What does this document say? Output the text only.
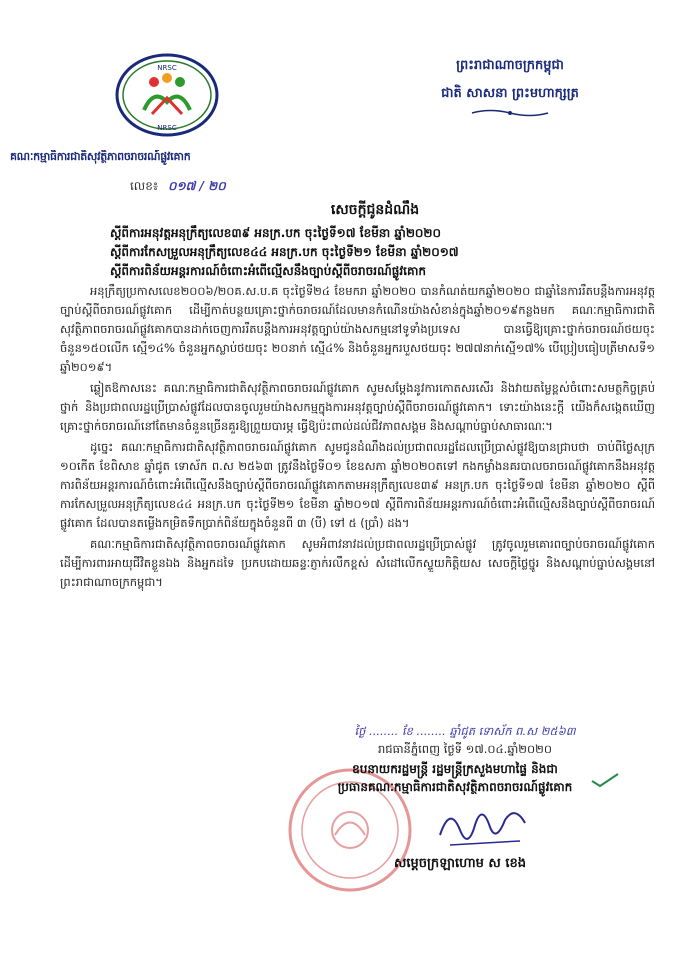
NRSC
NRSC
គណៈកម្មាធិការជាតិសុវត្ថិភាពចរាចរណ៍ផ្លូវគោក
ព្រះរាជាណាចក្រកម្ពុជា
ជាតិ សាសនា ព្រះមហាក្សត្រ
លេខ៖ ០១៧ / ២០
សេចក្ដីជូនដំណឹង
ស្ដីពីការអនុវត្តអនុក្រឹត្យលេខ៣៩ អនក្រ.បក ចុះថ្ងៃទី១៧ ខែមីនា ឆ្នាំ២០២០
ស្ដីពីការកែសម្រួលអនុក្រឹត្យលេខ៤៤ អនក្រ.បក ចុះថ្ងៃទី២១ ខែមីនា ឆ្នាំ២០១៧
ស្ដីពីការពិន័យអន្តរការណ៍ចំពោះអំពើល្មើសនឹងច្បាប់ស្ដីពីចរាចរណ៍ផ្លូវគោក

អនុក្រឹត្យប្រកាសលេខ២០០៦/២០គ.ស.ប.គ ចុះថ្ងៃទី២៤ ខែមករា ឆ្នាំ២០២០ បានកំណត់យកឆ្នាំ២០២០ ជាឆ្នាំនៃការរឹតបន្តឹងការអនុវត្តច្បាប់ស្ដីពីចរាចរណ៍ផ្លូវគោក ដើម្បីកាត់បន្ថយគ្រោះថ្នាក់ចរាចរណ៍ដែលមានកំណើនយ៉ាងសំខាន់ក្នុងឆ្នាំ២០១៩កន្លងមក គណៈកម្មាធិការជាតិសុវត្ថិភាពចរាចរណ៍ផ្លូវគោកបានដាក់ចេញការរឹតបន្តឹងការអនុវត្តច្បាប់យ៉ាងសកម្មនៅទូទាំងប្រទេស បានធ្វើឱ្យគ្រោះថ្នាក់ចរាចរណ៍ថយចុះចំនួន១៥០លើក ស្មើ១៤% ចំនួនអ្នកស្លាប់ថយចុះ ២០នាក់ ស្មើ៤% និងចំនួនអ្នករបួសថយចុះ ២៧៧នាក់ស្មើ១៧% បើប្រៀបធៀបត្រីមាសទី១ ឆ្នាំ២០១៩។

ឆ្លៀតឱកាសនេះ គណៈកម្មាធិការជាតិសុវត្ថិភាពចរាចរណ៍ផ្លូវគោក សូមសម្ដែងនូវការកោតសរសើរ និងវាយតម្លៃខ្ពស់ចំពោះសមត្ថកិច្ចគ្រប់ថ្នាក់ និងប្រជាពលរដ្ឋប្រើប្រាស់ផ្លូវដែលបានចូលរួមយ៉ាងសកម្មក្នុងការអនុវត្តច្បាប់ស្ដីពីចរាចរណ៍ផ្លូវគោក។ ទោះយ៉ាងនេះក្ដី យើងក៏សង្កេតឃើញគ្រោះថ្នាក់ចរាចរណ៍នៅតែមានចំនួនច្រើនគួរឱ្យព្រួយបារម្ភ ធ្វើឱ្យប៉ះពាល់ដល់ជីវភាពសង្គម និងសណ្ដាប់ធ្នាប់សាធារណៈ។

ដូច្នេះ គណៈកម្មាធិការជាតិសុវត្ថិភាពចរាចរណ៍ផ្លូវគោក សូមជូនដំណឹងដល់ប្រជាពលរដ្ឋដែលប្រើប្រាស់ផ្លូវឱ្យបានជ្រាបថា ចាប់ពីថ្ងៃសុក្រ ១០កើត ខែពិសាខ ឆ្នាំជូត ទោស័ក ព.ស ២៥៦៣ ត្រូវនឹងថ្ងៃទី០១ ខែឧសភា ឆ្នាំ២០២០តទៅ កងកម្លាំងនគរបាលចរាចរណ៍ផ្លូវគោកនឹងអនុវត្តការពិន័យអន្តរការណ៍ចំពោះអំពើល្មើសនឹងច្បាប់ស្ដីពីចរាចរណ៍ផ្លូវគោកតាមអនុក្រឹត្យលេខ៣៩ អនក្រ.បក ចុះថ្ងៃទី១៧ ខែមីនា ឆ្នាំ២០២០ ស្ដីពីការកែសម្រួលអនុក្រឹត្យលេខ៤៤ អនក្រ.បក ចុះថ្ងៃទី២១ ខែមីនា ឆ្នាំ២០១៧ ស្ដីពីការពិន័យអន្តរការណ៍ចំពោះអំពើល្មើសនឹងច្បាប់ស្ដីពីចរាចរណ៍ផ្លូវគោក ដែលបានតម្លើងកម្រិតទឹកប្រាក់ពិន័យក្នុងចំនួនពី ៣ (បី) ទៅ ៥ (ប្រាំ) ដង។

គណៈកម្មាធិការជាតិសុវត្ថិភាពចរាចរណ៍ផ្លូវគោក សូមអំពាវនាវដល់ប្រជាពលរដ្ឋប្រើប្រាស់ផ្លូវ ត្រូវចូលរួមគោរពច្បាប់ចរាចរណ៍ផ្លូវគោក ដើម្បីការពារអាយុជីវិតខ្លួនឯង និងអ្នកដទៃ ប្រកបដោយឆន្ទៈភ្ញាក់រលឹកខ្ពស់ សំដៅលើកស្ទួយកិត្តិយស សេចក្ដីថ្លៃថ្នូរ និងសណ្ដាប់ធ្នាប់សង្គមនៅព្រះរាជាណាចក្រកម្ពុជា។

ថ្ងៃ ........ ខែ ........ ឆ្នាំជូត ទោស័ក ព.ស ២៥៦៣
រាជធានីភ្នំពេញ ថ្ងៃទី ១៧.០៤.ឆ្នាំ២០២០
ឧបនាយករដ្ឋមន្ត្រី រដ្ឋមន្ត្រីក្រសួងមហាផ្ទៃ និងជា
ប្រធានគណៈកម្មាធិការជាតិសុវត្ថិភាពចរាចរណ៍ផ្លូវគោក
សម្ដេចក្រឡាហោម ស ខេង
